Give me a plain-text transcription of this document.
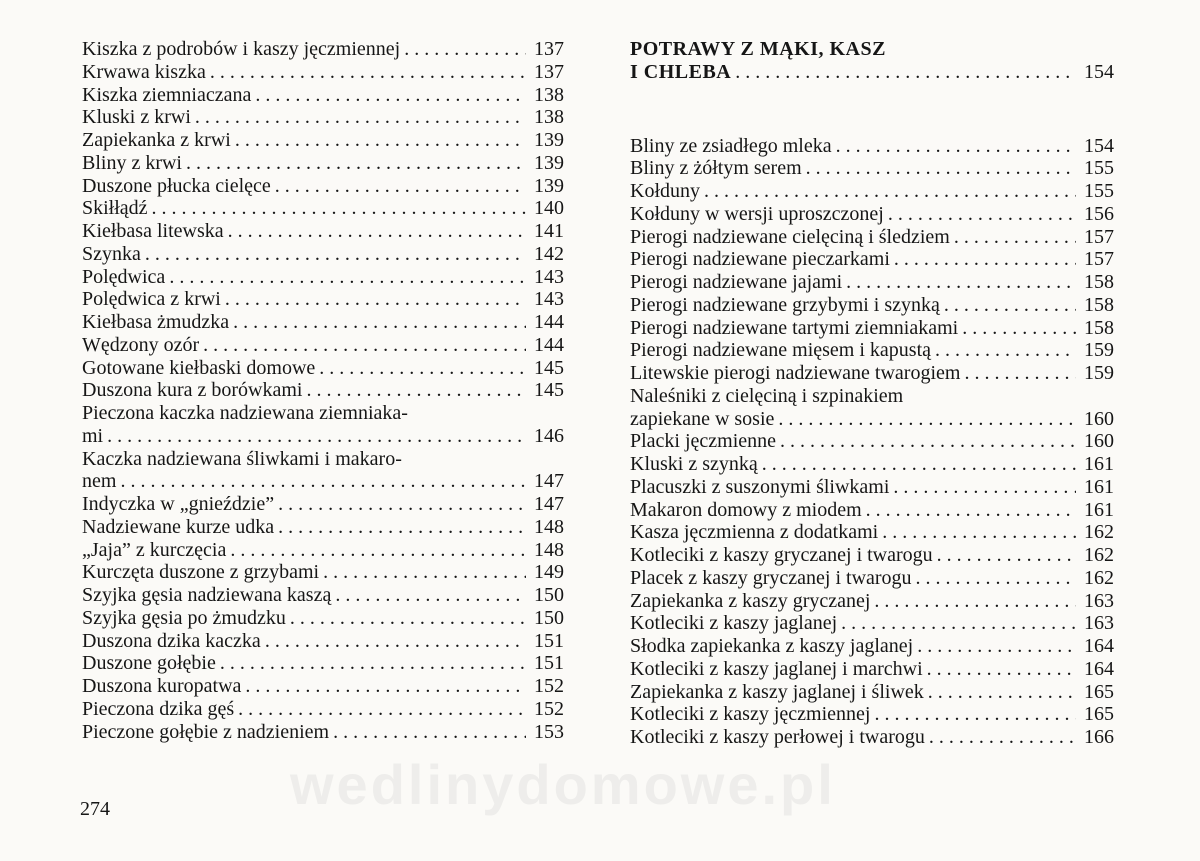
Kiszka z podrobów i kaszy jęczmiennej . . .	137
Krwawa kiszka . . .	137
Kiszka ziemniaczana . . .	138
Kluski z krwi . . .	138
Zapiekanka z krwi . . .	139
Bliny z krwi . . .	139
Duszone płucka cielęce . . .	139
Skiłłądź . . .	140
Kiełbasa litewska . . .	141
Szynka . . .	142
Polędwica . . .	143
Polędwica z krwi . . .	143
Kiełbasa żmudzka . . .	144
Wędzony ozór . . .	144
Gotowane kiełbaski domowe . . .	145
Duszona kura z borówkami . . .	145
Pieczona kaczka nadziewana ziemniaka-
mi . . .	146
Kaczka nadziewana śliwkami i makaro-
nem . . .	147
Indyczka w „gnieździe” . . .	147
Nadziewane kurze udka . . .	148
„Jaja” z kurczęcia . . .	148
Kurczęta duszone z grzybami . . .	149
Szyjka gęsia nadziewana kaszą . . .	150
Szyjka gęsia po żmudzku . . .	150
Duszona dzika kaczka . . .	151
Duszone gołębie . . .	151
Duszona kuropatwa . . .	152
Pieczona dzika gęś . . .	152
Pieczone gołębie z nadzieniem . . .	153
POTRAWY Z MĄKI, KASZ
I CHLEBA . . .	154
Bliny ze zsiadłego mleka . . .	154
Bliny z żółtym serem . . .	155
Kołduny . . .	155
Kołduny w wersji uproszczonej . . .	156
Pierogi nadziewane cielęciną i śledziem . . .	157
Pierogi nadziewane pieczarkami . . .	157
Pierogi nadziewane jajami . . .	158
Pierogi nadziewane grzybymi i szynką . . .	158
Pierogi nadziewane tartymi ziemniakami . . .	158
Pierogi nadziewane mięsem i kapustą . . .	159
Litewskie pierogi nadziewane twarogiem . . .	159
Naleśniki z cielęciną i szpinakiem
zapiekane w sosie . . .	160
Placki jęczmienne . . .	160
Kluski z szynką . . .	161
Placuszki z suszonymi śliwkami . . .	161
Makaron domowy z miodem . . .	161
Kasza jęczmienna z dodatkami . . .	162
Kotleciki z kaszy gryczanej i twarogu . . .	162
Placek z kaszy gryczanej i twarogu . . .	162
Zapiekanka z kaszy gryczanej . . .	163
Kotleciki z kaszy jaglanej . . .	163
Słodka zapiekanka z kaszy jaglanej . . .	164
Kotleciki z kaszy jaglanej i marchwi . . .	164
Zapiekanka z kaszy jaglanej i śliwek . . .	165
Kotleciki z kaszy jęczmiennej . . .	165
Kotleciki z kaszy perłowej i twarogu . . .	166
wedlinydomowe.pl
274
